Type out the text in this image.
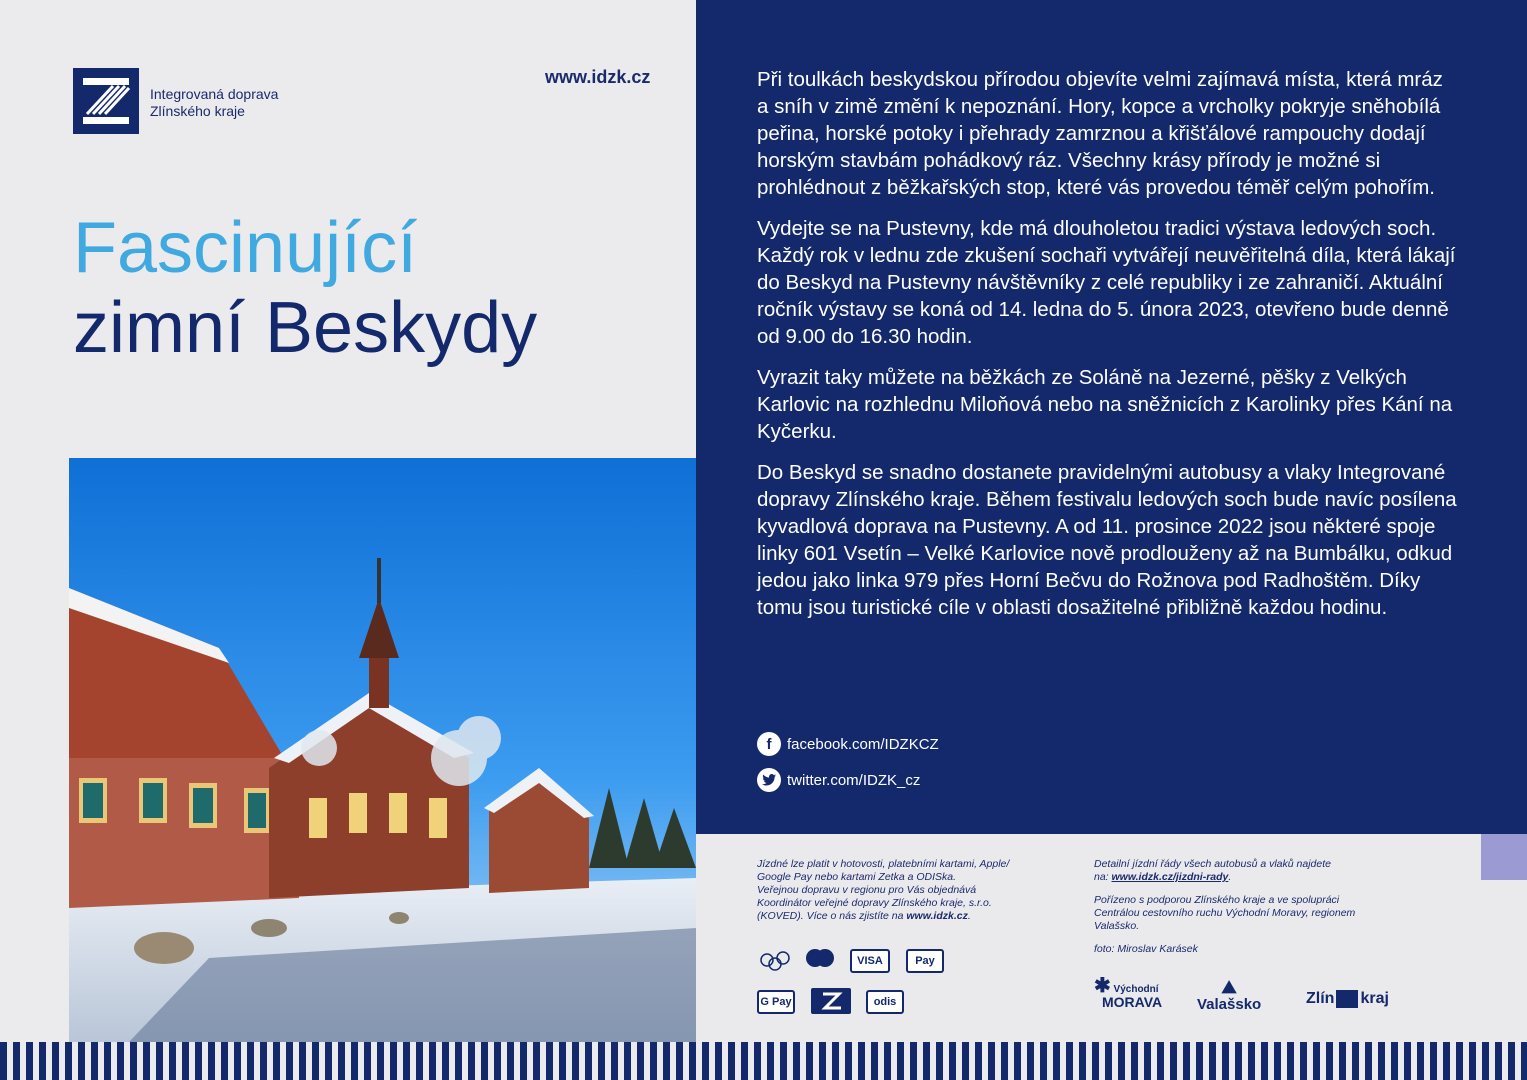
Integrovaná doprava
Zlínského kraje
www.idzk.cz
Fascinující
zimní Beskydy

Při toulkách beskydskou přírodou objevíte velmi zajímavá místa, která mráz a sníh v zimě změní k nepoznání. Hory, kopce a vrcholky pokryje sněhobílá peřina, horské potoky i přehrady zamrznou a křišťálové rampouchy dodají horským stavbám pohádkový ráz. Všechny krásy přírody je možné si prohlédnout z běžkařských stop, které vás provedou téměř celým pohořím.

Vydejte se na Pustevny, kde má dlouholetou tradici výstava ledových soch. Každý rok v lednu zde zkušení sochaři vytvářejí neuvěřitelná díla, která lákají do Beskyd na Pustevny návštěvníky z celé republiky i ze zahraničí. Aktuální ročník výstavy se koná od 14. ledna do 5. února 2023, otevřeno bude denně od 9.00 do 16.30 hodin.

Vyrazit taky můžete na běžkách ze Soláně na Jezerné, pěšky z Velkých Karlovic na rozhlednu Miloňová nebo na sněžnicích z Karolinky přes Kání na Kyčerku.

Do Beskyd se snadno dostanete pravidelnými autobusy a vlaky Integrované dopravy Zlínského kraje. Během festivalu ledových soch bude navíc posílena kyvadlová doprava na Pustevny. A od 11. prosince 2022 jsou některé spoje linky 601 Vsetín – Velké Karlovice nově prodlouženy až na Bumbálku, odkud jedou jako linka 979 přes Horní Bečvu do Rožnova pod Radhoštěm. Díky tomu jsou turistické cíle v oblasti dosažitelné přibližně každou hodinu.

f	facebook.com/IDZKCZ
twitter.com/IDZK_cz
Jízdné lze platit v hotovosti, platebními kartami, Apple/
Google Pay nebo kartami Zetka a ODISka.
Veřejnou dopravu v regionu pro Vás objednává
Koordinátor veřejné dopravy Zlínského kraje, s.r.o.
(KOVED). Více o nás zjistíte na www.idzk.cz.

Detailní jízdní řády všech autobusů a vlaků najdete
na: www.idzk.cz/jizdni-rady.

Pořízeno s podporou Zlínského kraje a ve spolupráci
Centrálou cestovního ruchu Východní Moravy, regionem
Valašsko.

foto: Miroslav Karásek

VISA	Pay
G Pay	odis
✱ Východní
MORAVA
⛰
Valašsko	Zlín kraj
